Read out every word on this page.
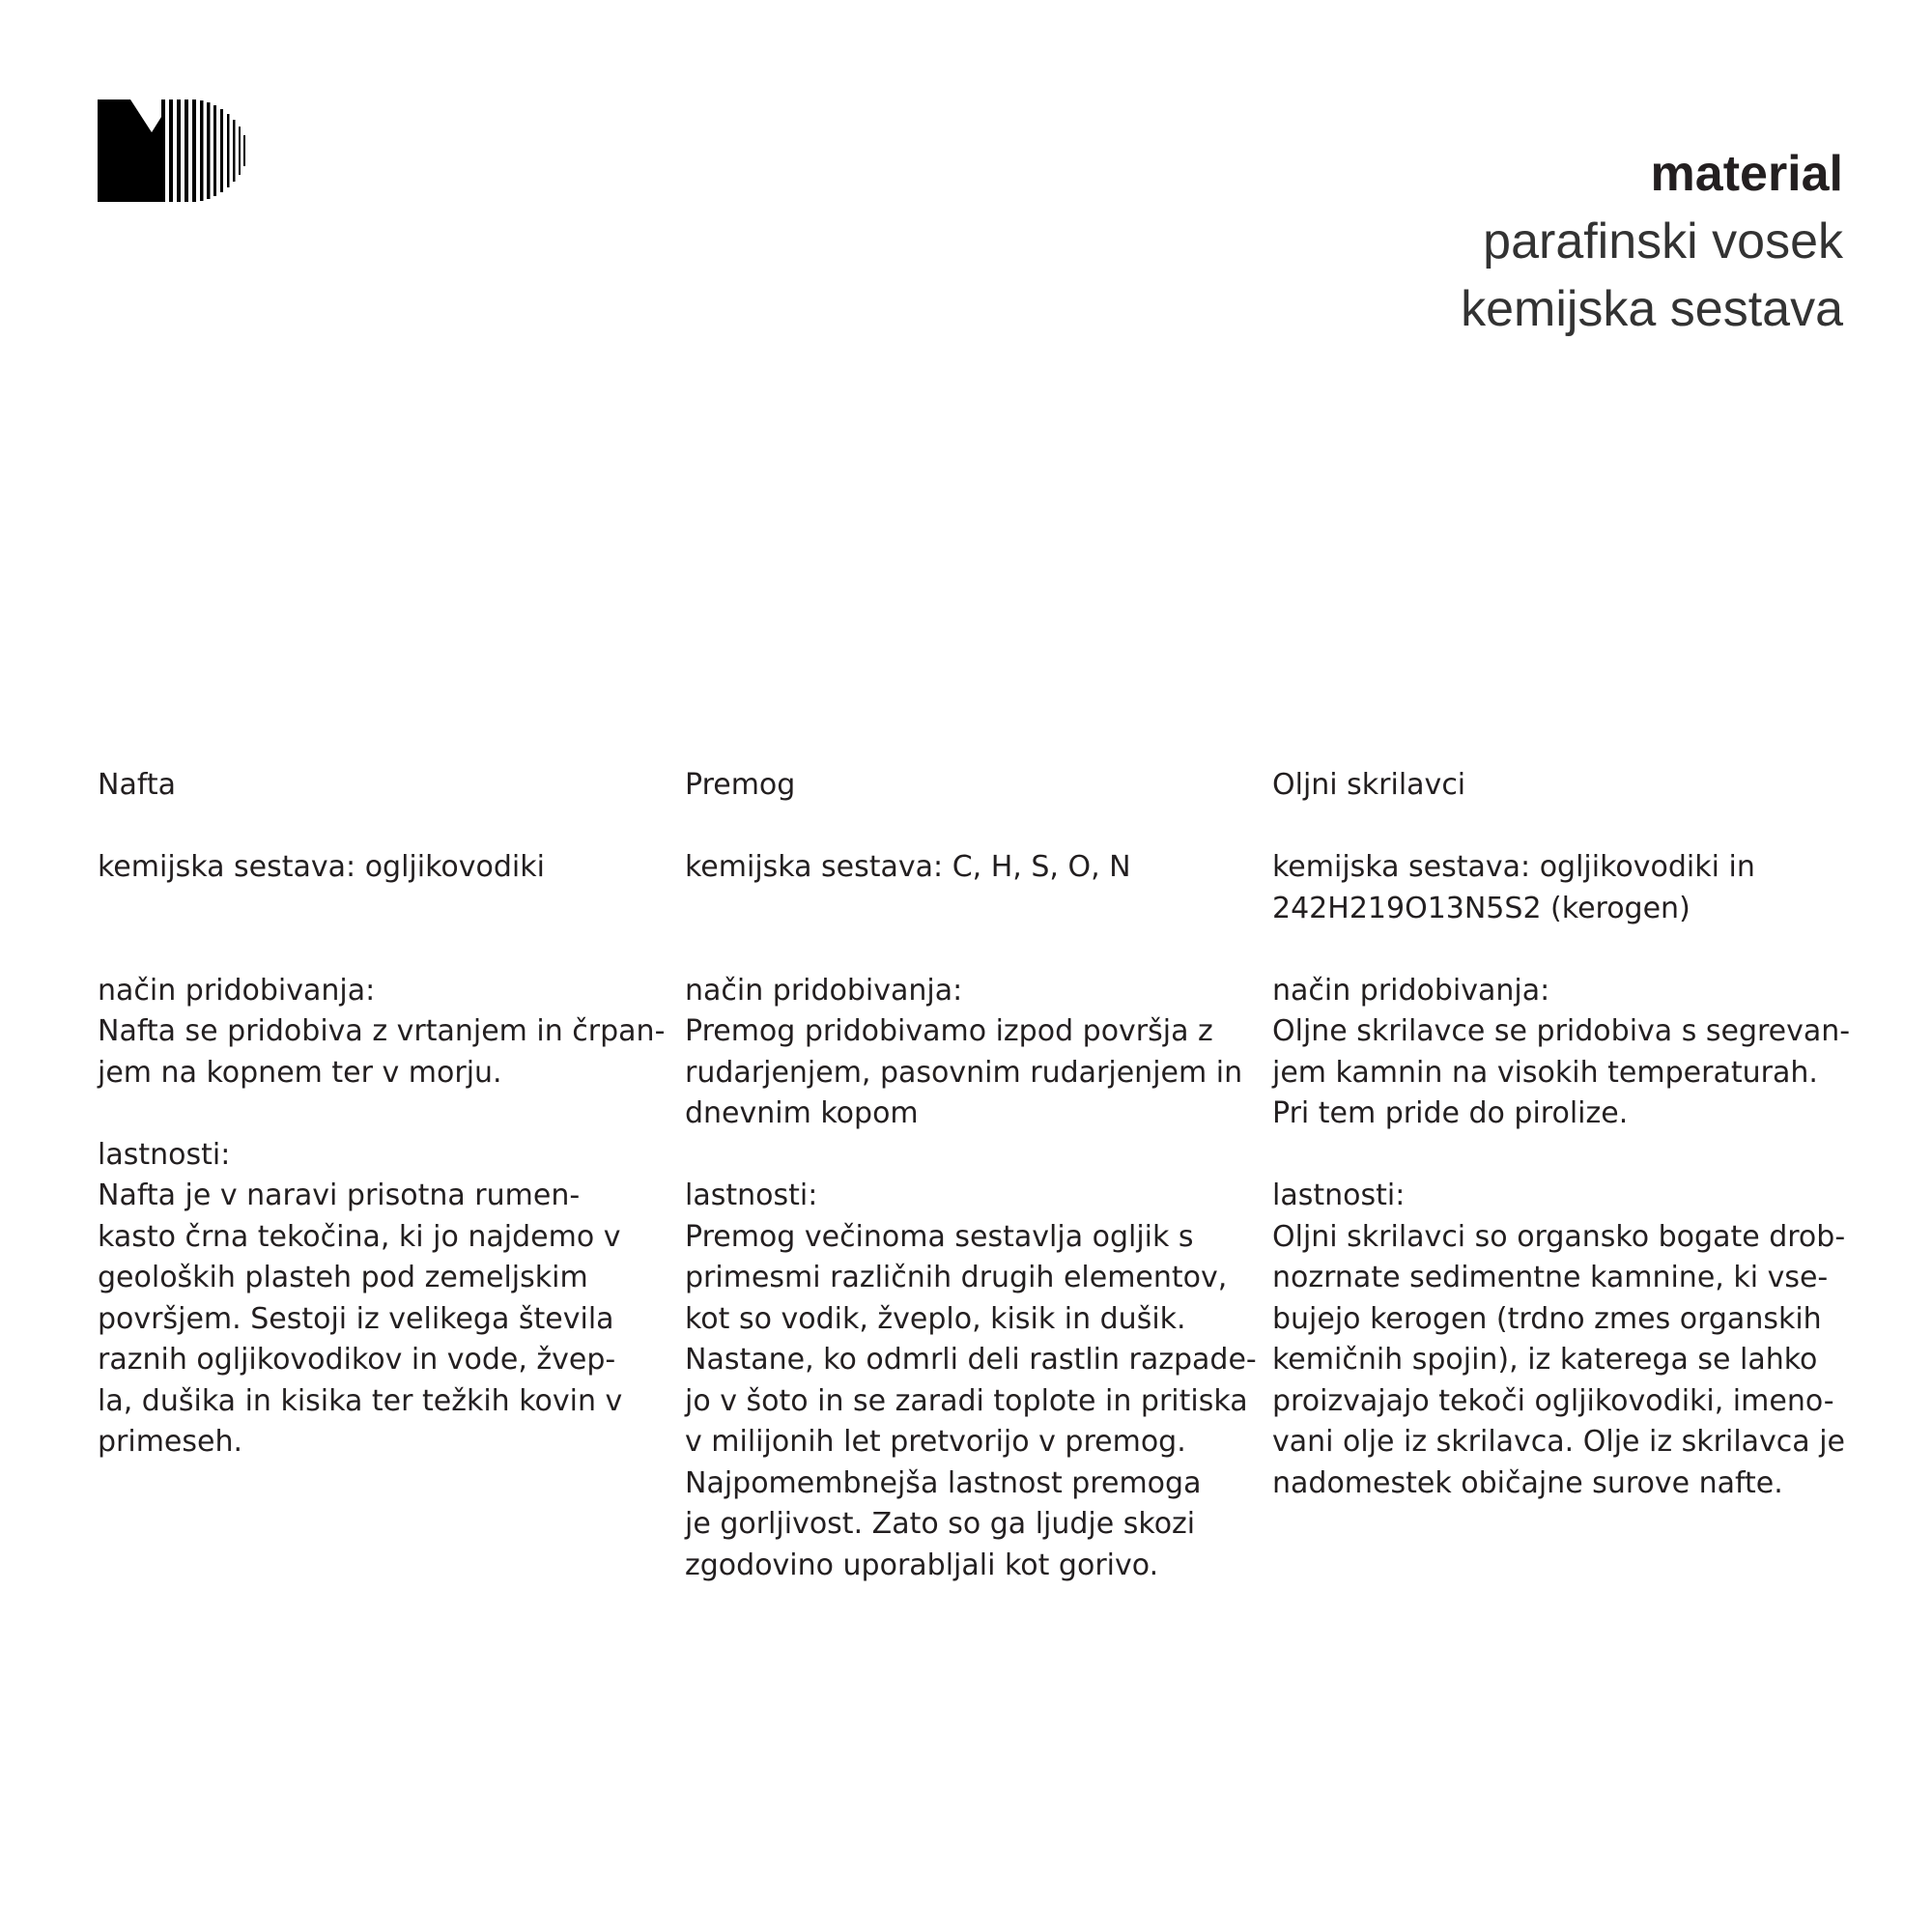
material
parafinski vosek
kemijska sestava

Nafta

kemijska sestava: ogljikovodiki

način pridobivanja:

Nafta se pridobiva z vrtanjem in črpan-
jem na kopnem ter v morju.

lastnosti:

Nafta je v naravi prisotna rumen-
kasto črna tekočina, ki jo najdemo v
geoloških plasteh pod zemeljskim
površjem. Sestoji iz velikega števila
raznih ogljikovodikov in vode, žvep-
la, dušika in kisika ter težkih kovin v
primeseh.

Premog

kemijska sestava: C, H, S, O, N

način pridobivanja:

Premog pridobivamo izpod površja z
rudarjenjem, pasovnim rudarjenjem in
dnevnim kopom

lastnosti:

Premog večinoma sestavlja ogljik s
primesmi različnih drugih elementov,
kot so vodik, žveplo, kisik in dušik.
Nastane, ko odmrli deli rastlin razpade-
jo v šoto in se zaradi toplote in pritiska
v milijonih let pretvorijo v premog.
Najpomembnejša lastnost premoga
je gorljivost. Zato so ga ljudje skozi
zgodovino uporabljali kot gorivo.

Oljni skrilavci

kemijska sestava: ogljikovodiki in
242H219O13N5S2 (kerogen)

način pridobivanja:

Oljne skrilavce se pridobiva s segrevan-
jem kamnin na visokih temperaturah.
Pri tem pride do pirolize.

lastnosti:

Oljni skrilavci so organsko bogate drob-
nozrnate sedimentne kamnine, ki vse-
bujejo kerogen (trdno zmes organskih
kemičnih spojin), iz katerega se lahko
proizvajajo tekoči ogljikovodiki, imeno-
vani olje iz skrilavca. Olje iz skrilavca je
nadomestek običajne surove nafte.
